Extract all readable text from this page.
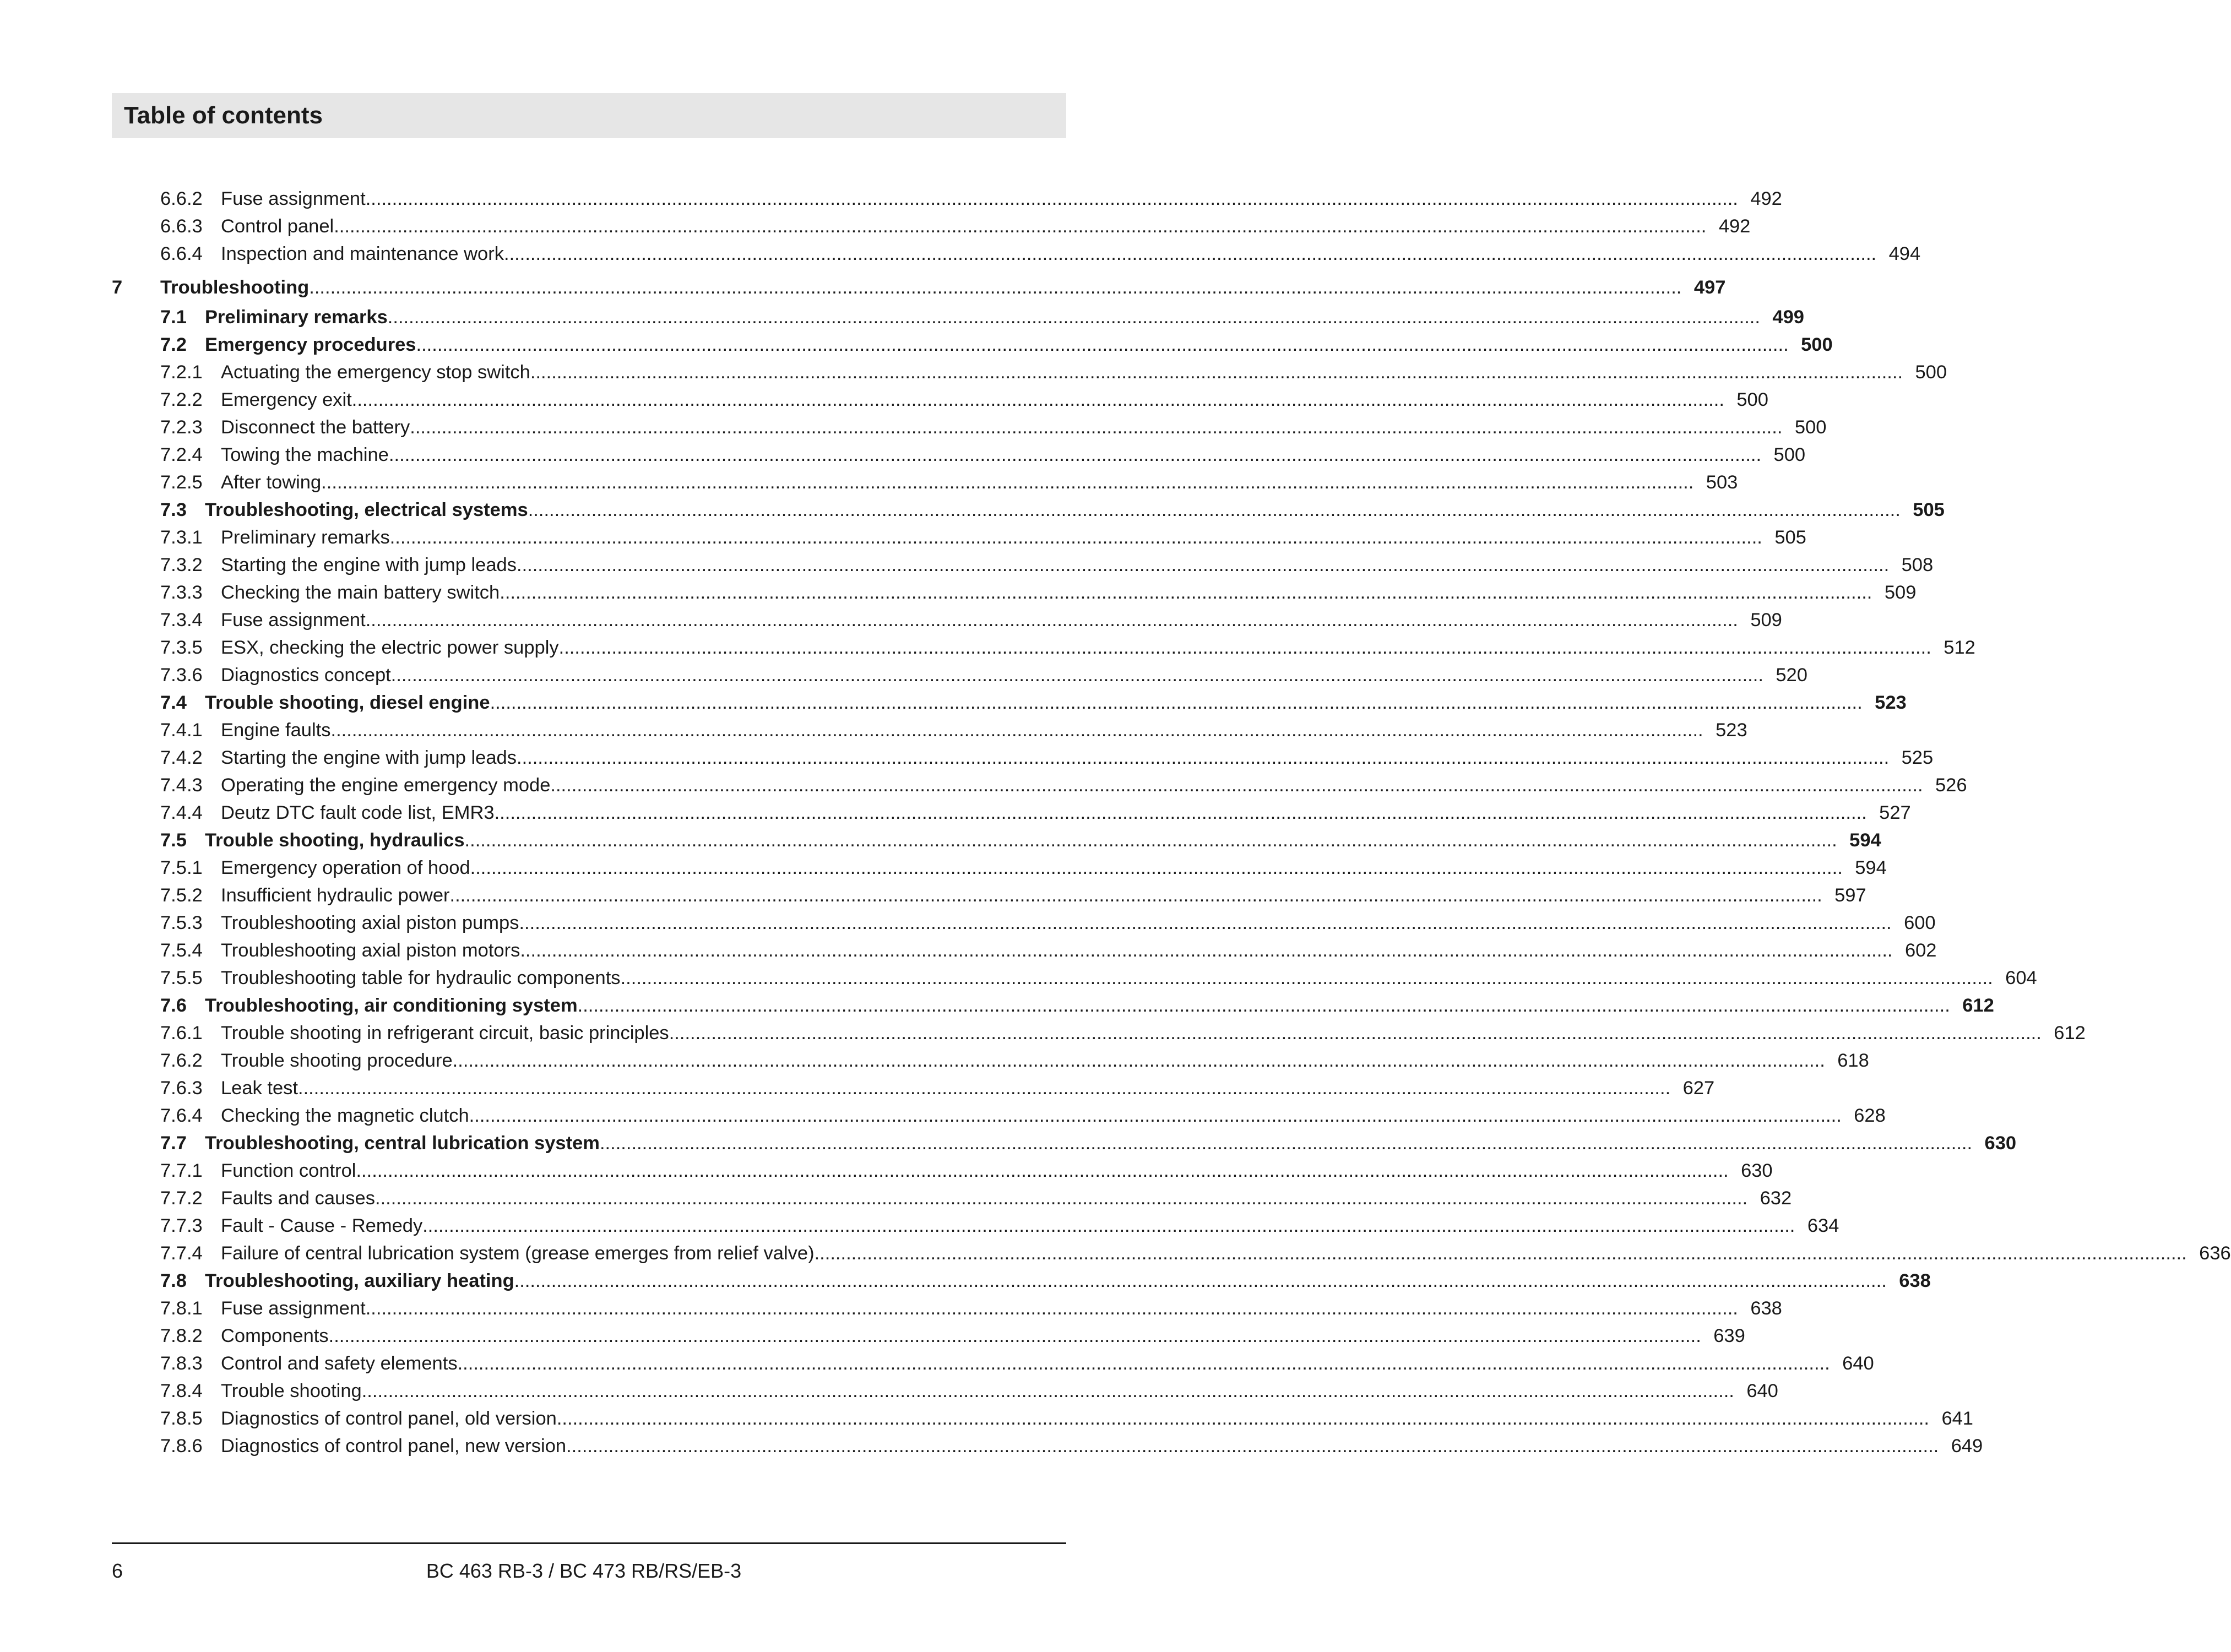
Table of contents
6.6.2 Fuse assignment .................................................................................................................................................................................................................................................................... 492
6.6.3 Control panel .................................................................................................................................................................................................................................................................... 492
6.6.4 Inspection and maintenance work .................................................................................................................................................................................................................................................................... 494
7	Troubleshooting .................................................................................................................................................................................................................................................................... 497
7.1 Preliminary remarks .................................................................................................................................................................................................................................................................... 499
7.2 Emergency procedures .................................................................................................................................................................................................................................................................... 500
7.2.1 Actuating the emergency stop switch .................................................................................................................................................................................................................................................................... 500
7.2.2 Emergency exit .................................................................................................................................................................................................................................................................... 500
7.2.3 Disconnect the battery .................................................................................................................................................................................................................................................................... 500
7.2.4 Towing the machine .................................................................................................................................................................................................................................................................... 500
7.2.5 After towing .................................................................................................................................................................................................................................................................... 503
7.3 Troubleshooting, electrical systems .................................................................................................................................................................................................................................................................... 505
7.3.1 Preliminary remarks .................................................................................................................................................................................................................................................................... 505
7.3.2 Starting the engine with jump leads .................................................................................................................................................................................................................................................................... 508
7.3.3 Checking the main battery switch .................................................................................................................................................................................................................................................................... 509
7.3.4 Fuse assignment .................................................................................................................................................................................................................................................................... 509
7.3.5 ESX, checking the electric power supply .................................................................................................................................................................................................................................................................... 512
7.3.6 Diagnostics concept .................................................................................................................................................................................................................................................................... 520
7.4 Trouble shooting, diesel engine .................................................................................................................................................................................................................................................................... 523
7.4.1 Engine faults .................................................................................................................................................................................................................................................................... 523
7.4.2 Starting the engine with jump leads .................................................................................................................................................................................................................................................................... 525
7.4.3 Operating the engine emergency mode .................................................................................................................................................................................................................................................................... 526
7.4.4 Deutz DTC fault code list, EMR3 .................................................................................................................................................................................................................................................................... 527
7.5 Trouble shooting, hydraulics .................................................................................................................................................................................................................................................................... 594
7.5.1 Emergency operation of hood .................................................................................................................................................................................................................................................................... 594
7.5.2 Insufficient hydraulic power .................................................................................................................................................................................................................................................................... 597
7.5.3 Troubleshooting axial piston pumps .................................................................................................................................................................................................................................................................... 600
7.5.4 Troubleshooting axial piston motors .................................................................................................................................................................................................................................................................... 602
7.5.5 Troubleshooting table for hydraulic components .................................................................................................................................................................................................................................................................... 604
7.6 Troubleshooting, air conditioning system .................................................................................................................................................................................................................................................................... 612
7.6.1 Trouble shooting in refrigerant circuit, basic principles .................................................................................................................................................................................................................................................................... 612
7.6.2 Trouble shooting procedure .................................................................................................................................................................................................................................................................... 618
7.6.3 Leak test .................................................................................................................................................................................................................................................................... 627
7.6.4 Checking the magnetic clutch .................................................................................................................................................................................................................................................................... 628
7.7 Troubleshooting, central lubrication system .................................................................................................................................................................................................................................................................... 630
7.7.1 Function control .................................................................................................................................................................................................................................................................... 630
7.7.2 Faults and causes .................................................................................................................................................................................................................................................................... 632
7.7.3 Fault - Cause - Remedy .................................................................................................................................................................................................................................................................... 634
7.7.4 Failure of central lubrication system (grease emerges from relief valve) .................................................................................................................................................................................................................................................................... 636
7.8 Troubleshooting, auxiliary heating .................................................................................................................................................................................................................................................................... 638
7.8.1 Fuse assignment .................................................................................................................................................................................................................................................................... 638
7.8.2 Components .................................................................................................................................................................................................................................................................... 639
7.8.3 Control and safety elements .................................................................................................................................................................................................................................................................... 640
7.8.4 Trouble shooting .................................................................................................................................................................................................................................................................... 640
7.8.5 Diagnostics of control panel, old version .................................................................................................................................................................................................................................................................... 641
7.8.6 Diagnostics of control panel, new version .................................................................................................................................................................................................................................................................... 649
6	BC 463 RB-3 / BC 473 RB/RS/EB-3
